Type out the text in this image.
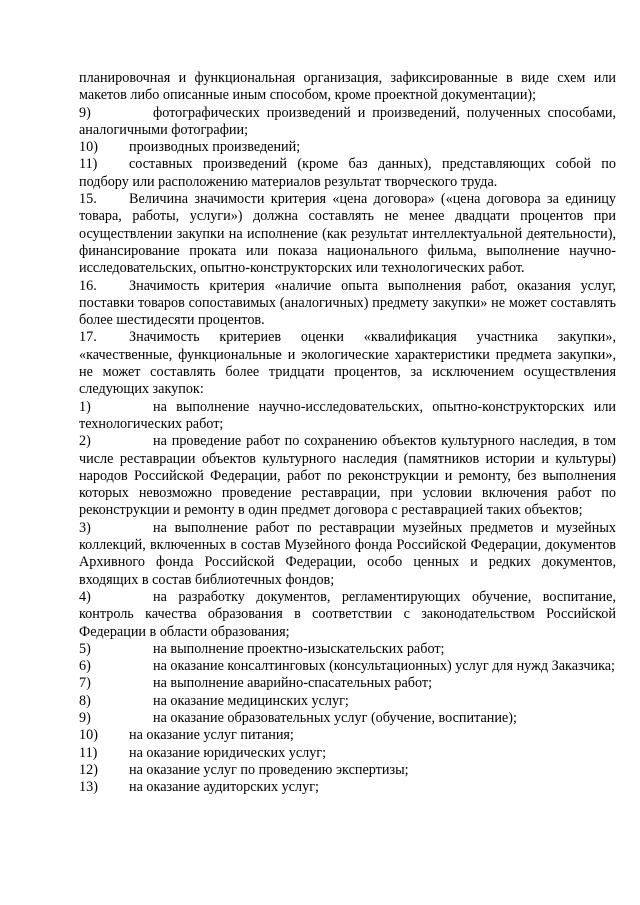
планировочная и функциональная организация, зафиксированные в виде схем или макетов либо описанные иным способом, кроме проектной документации);

9)	фотографических произведений и произведений, полученных способами, аналогичными фотографии;

10) производных произведений;

11) составных произведений (кроме баз данных), представляющих собой по подбору или расположению материалов результат творческого труда.

15. Величина значимости критерия «цена договора» («цена договора за единицу товара, работы, услуги») должна составлять не менее двадцати процентов при осуществлении закупки на исполнение (как результат интеллектуальной деятельности), финансирование проката или показа национального фильма, выполнение научно-исследовательских, опытно-конструкторских или технологических работ.

16. Значимость критерия «наличие опыта выполнения работ, оказания услуг, поставки товаров сопоставимых (аналогичных) предмету закупки» не может составлять более шестидесяти процентов.

17. Значимость критериев оценки «квалификация участника закупки», «качественные, функциональные и экологические характеристики предмета закупки», не может составлять более тридцати процентов, за исключением осуществления следующих закупок:

1)	на выполнение научно-исследовательских, опытно-конструкторских или технологических работ;

2)	на проведение работ по сохранению объектов культурного наследия, в том числе реставрации объектов культурного наследия (памятников истории и культуры) народов Российской Федерации, работ по реконструкции и ремонту, без выполнения которых невозможно проведение реставрации, при условии включения работ по реконструкции и ремонту в один предмет договора с реставрацией таких объектов;

3)	на выполнение работ по реставрации музейных предметов и музейных коллекций, включенных в состав Музейного фонда Российской Федерации, документов Архивного фонда Российской Федерации, особо ценных и редких документов, входящих в состав библиотечных фондов;

4)	на разработку документов, регламентирующих обучение, воспитание, контроль качества образования в соответствии с законодательством Российской Федерации в области образования;

5)	на выполнение проектно-изыскательских работ;

6)	на оказание консалтинговых (консультационных) услуг для нужд Заказчика;

7)	на выполнение аварийно-спасательных работ;

8)	на оказание медицинских услуг;

9)	на оказание образовательных услуг (обучение, воспитание);

10) на оказание услуг питания;

11) на оказание юридических услуг;

12) на оказание услуг по проведению экспертизы;

13) на оказание аудиторских услуг;
